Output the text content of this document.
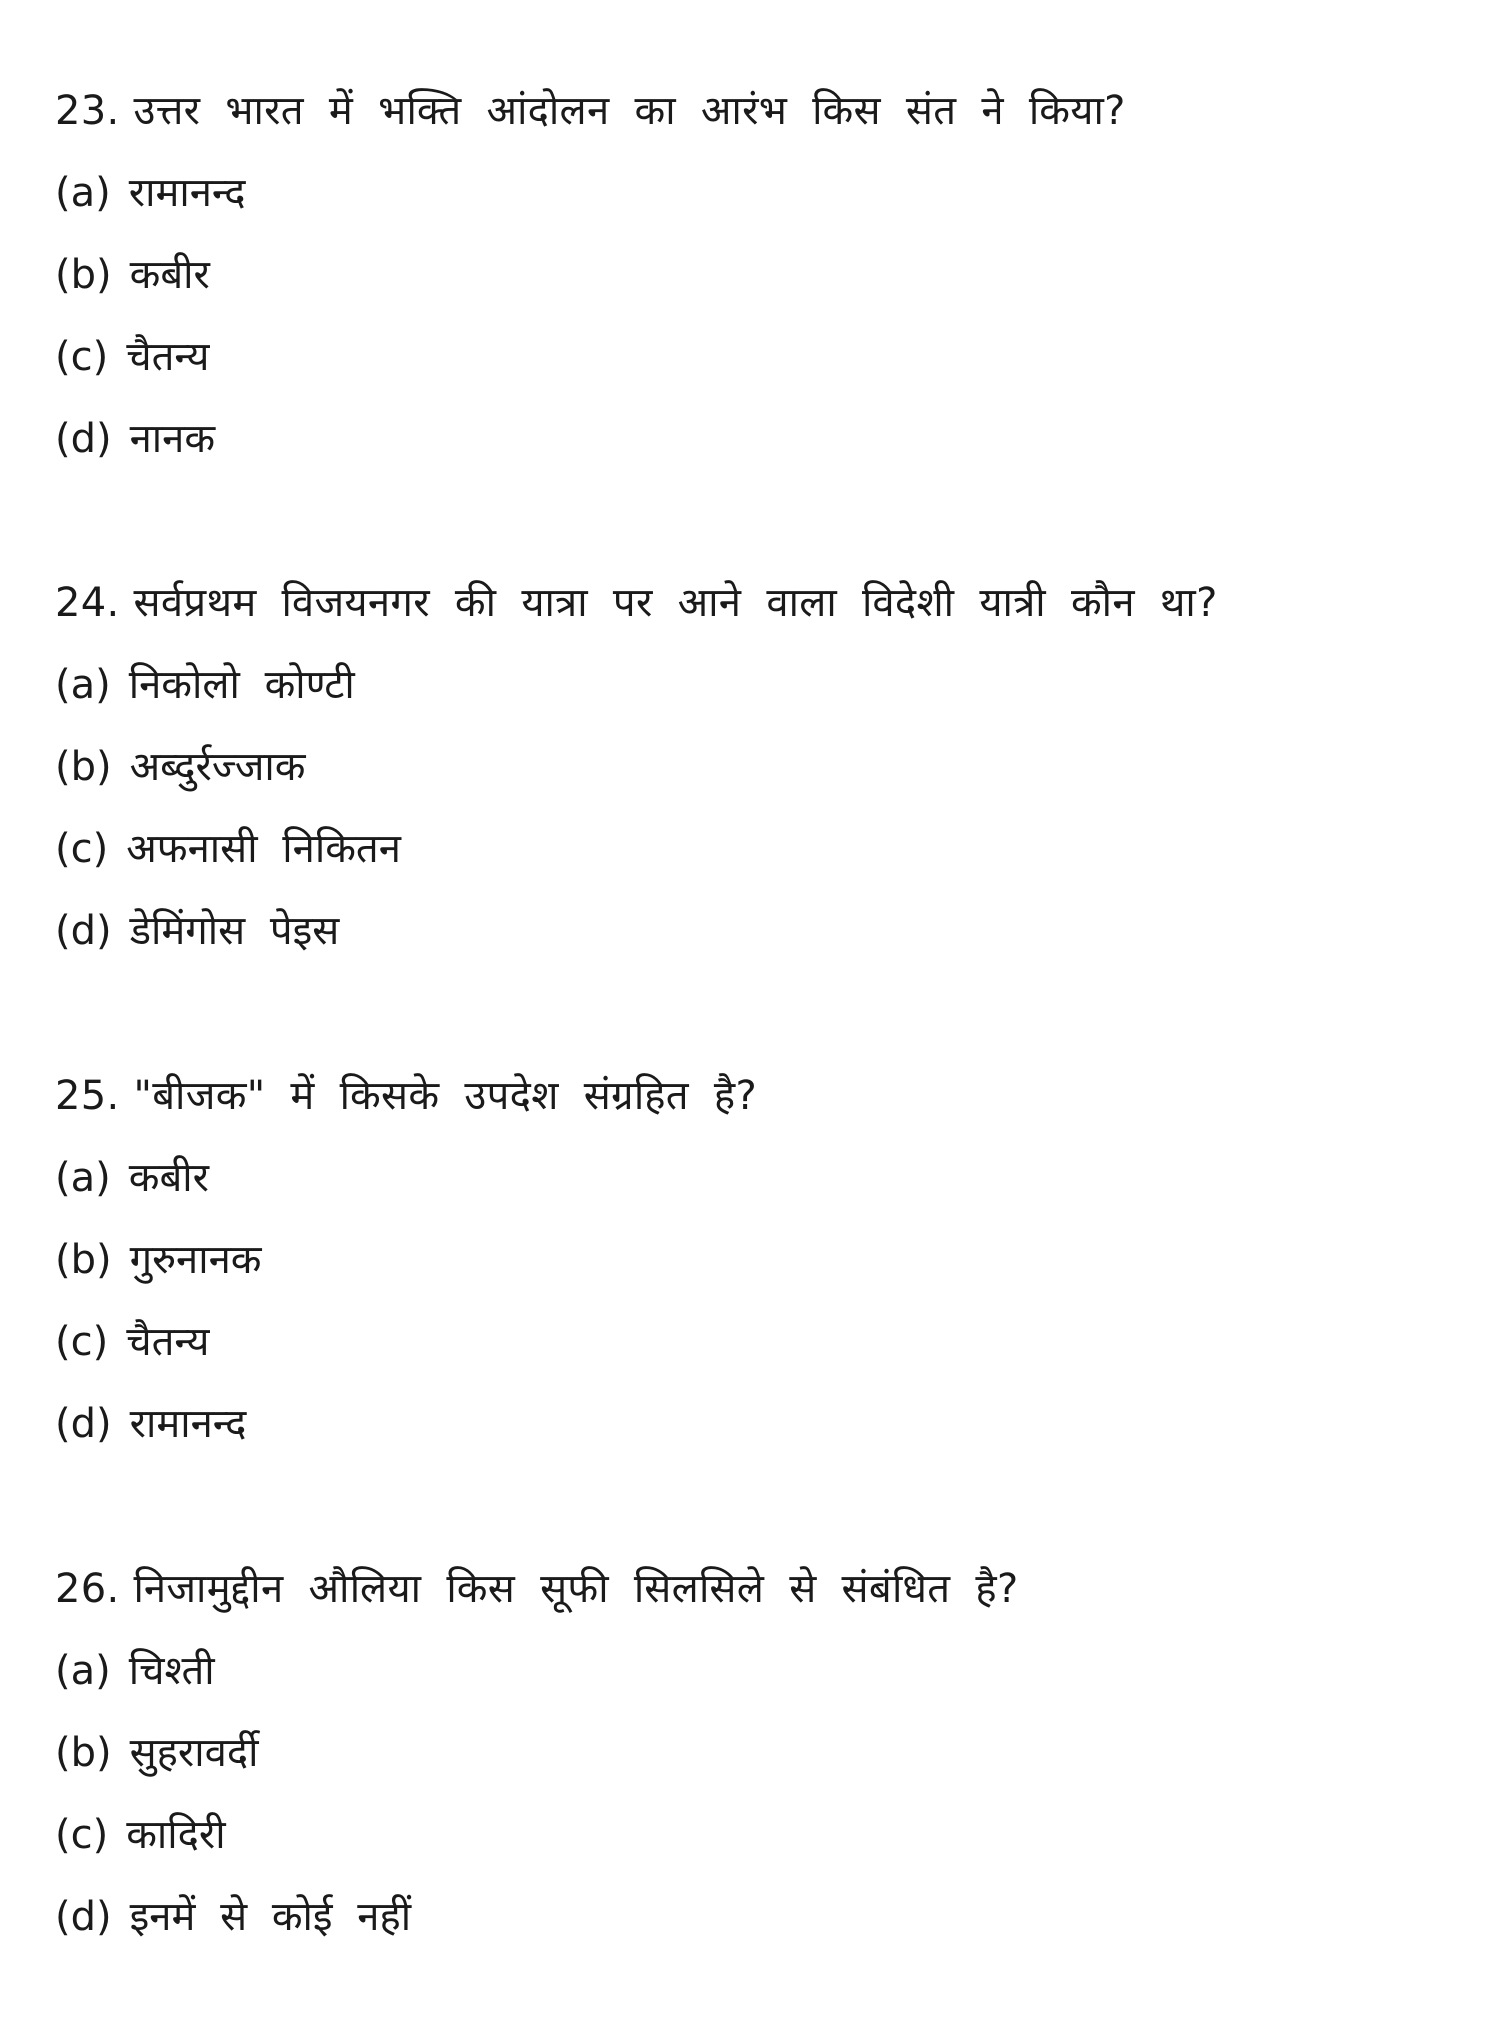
23. उत्तर भारत में भक्ति आंदोलन का आरंभ किस संत ने किया?
(a) रामानन्द
(b) कबीर
(c) चैतन्य
(d) नानक
24. सर्वप्रथम विजयनगर की यात्रा पर आने वाला विदेशी यात्री कौन था?
(a) निकोलो कोण्टी
(b) अब्दुर्रज्जाक
(c) अफनासी निकितन
(d) डेमिंगोस पेइस
25. "बीजक" में किसके उपदेश संग्रहित है?
(a) कबीर
(b) गुरुनानक
(c) चैतन्य
(d) रामानन्द
26. निजामुद्दीन औलिया किस सूफी सिलसिले से संबंधित है?
(a) चिश्ती
(b) सुहरावर्दी
(c) कादिरी
(d) इनमें से कोई नहीं
